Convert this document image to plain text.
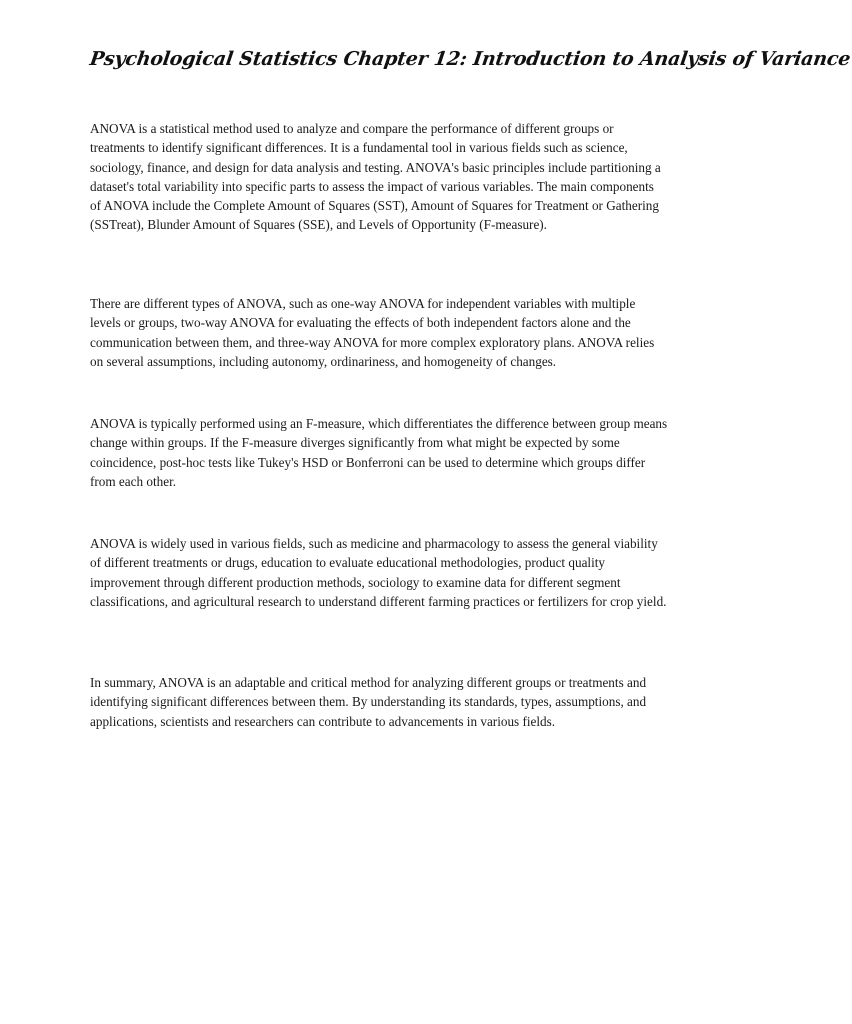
Psychological Statistics Chapter 12: Introduction to Analysis of Variance

ANOVA is a statistical method used to analyze and compare the performance of different groups or treatments to identify significant differences. It is a fundamental tool in various fields such as science, sociology, finance, and design for data analysis and testing. ANOVA's basic principles include partitioning a dataset's total variability into specific parts to assess the impact of various variables. The main components of ANOVA include the Complete Amount of Squares (SST), Amount of Squares for Treatment or Gathering (SSTreat), Blunder Amount of Squares (SSE), and Levels of Opportunity (F-measure).

There are different types of ANOVA, such as one-way ANOVA for independent variables with multiple levels or groups, two-way ANOVA for evaluating the effects of both independent factors alone and the communication between them, and three-way ANOVA for more complex exploratory plans. ANOVA relies on several assumptions, including autonomy, ordinariness, and homogeneity of changes.

ANOVA is typically performed using an F-measure, which differentiates the difference between group means change within groups. If the F-measure diverges significantly from what might be expected by some coincidence, post-hoc tests like Tukey's HSD or Bonferroni can be used to determine which groups differ from each other.

ANOVA is widely used in various fields, such as medicine and pharmacology to assess the general viability of different treatments or drugs, education to evaluate educational methodologies, product quality improvement through different production methods, sociology to examine data for different segment classifications, and agricultural research to understand different farming practices or fertilizers for crop yield.

In summary, ANOVA is an adaptable and critical method for analyzing different groups or treatments and identifying significant differences between them. By understanding its standards, types, assumptions, and applications, scientists and researchers can contribute to advancements in various fields.
